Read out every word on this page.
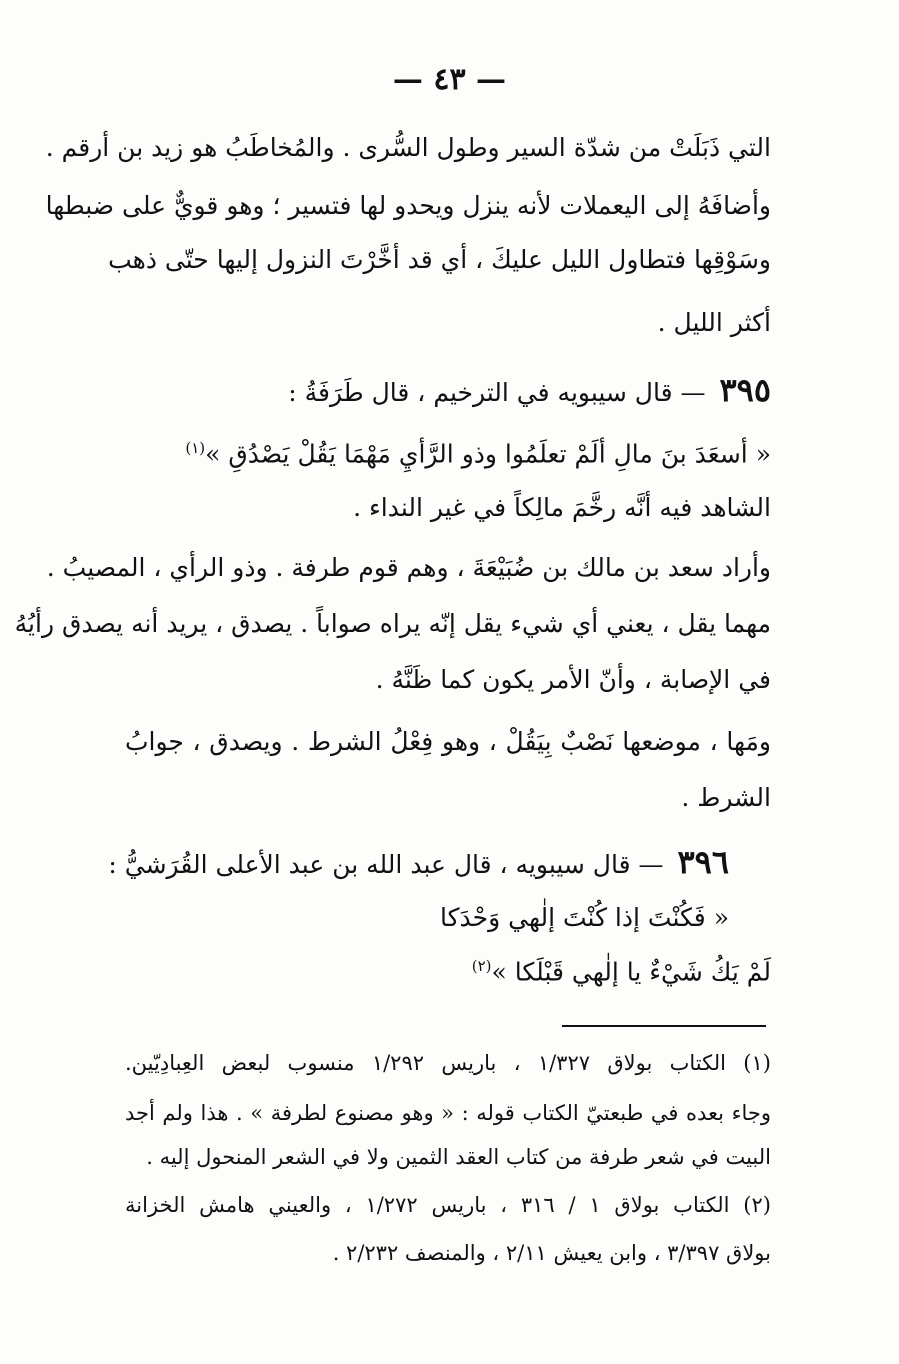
— ٤٣ —
التي ذَبَلَتْ من شدّة السير وطول السُّرى . والمُخاطَبُ هو زيد بن أرقم .
وأضافَهُ إلى اليعملات لأنه ينزل ويحدو لها فتسير ؛ وهو قويٌّ على ضبطها
وسَوْقِها فتطاول الليل عليكَ ، أي قد أخَّرْتَ النزول إليها حتّى ذهب
أكثر الليل .
٣٩٥ — قال سيبويه في الترخيم ، قال طَرَفَةُ :
« أسعَدَ بنَ مالِ ألَمْ تعلَمُوا وذو الرَّأيِ مَهْمَا يَقُلْ يَصْدُقِ »$^{(١)}$
الشاهد فيه أنَّه رخَّمَ مالِكاً في غير النداء .
وأراد سعد بن مالك بن ضُبَيْعَةَ ، وهم قوم طرفة . وذو الرأي ، المصيبُ .
مهما يقل ، يعني أي شيء يقل إنّه يراه صواباً . يصدق ، يريد أنه يصدق رأيُهُ
في الإصابة ، وأنّ الأمر يكون كما ظَنَّهُ .
ومَها ، موضعها نَصْبٌ بِيَقُلْ ، وهو فِعْلُ الشرط . ويصدق ، جوابُ
الشرط .
٣٩٦ — قال سيبويه ، قال عبد الله بن عبد الأعلى القُرَشيُّ :
« فَكُنْتَ إذا كُنْتَ إلٰهي وَحْدَكا
لَمْ يَكُ شَيْءٌ يا إلٰهي قَبْلَكا »$^{(٢)}$
(١) الكتاب بولاق ١/٣٢٧ ، باريس ١/٢٩٢ منسوب لبعض العِبادِيّين.
وجاء بعده في طبعتيّ الكتاب قوله : « وهو مصنوع لطرفة » . هذا ولم أجد
البيت في شعر طرفة من كتاب العقد الثمين ولا في الشعر المنحول إليه .
(٢) الكتاب بولاق ١ / ٣١٦ ، باريس ١/٢٧٢ ، والعيني هامش الخزانة
بولاق ٣/٣٩٧ ، وابن يعيش ٢/١١ ، والمنصف ٢/٢٣٢ .
